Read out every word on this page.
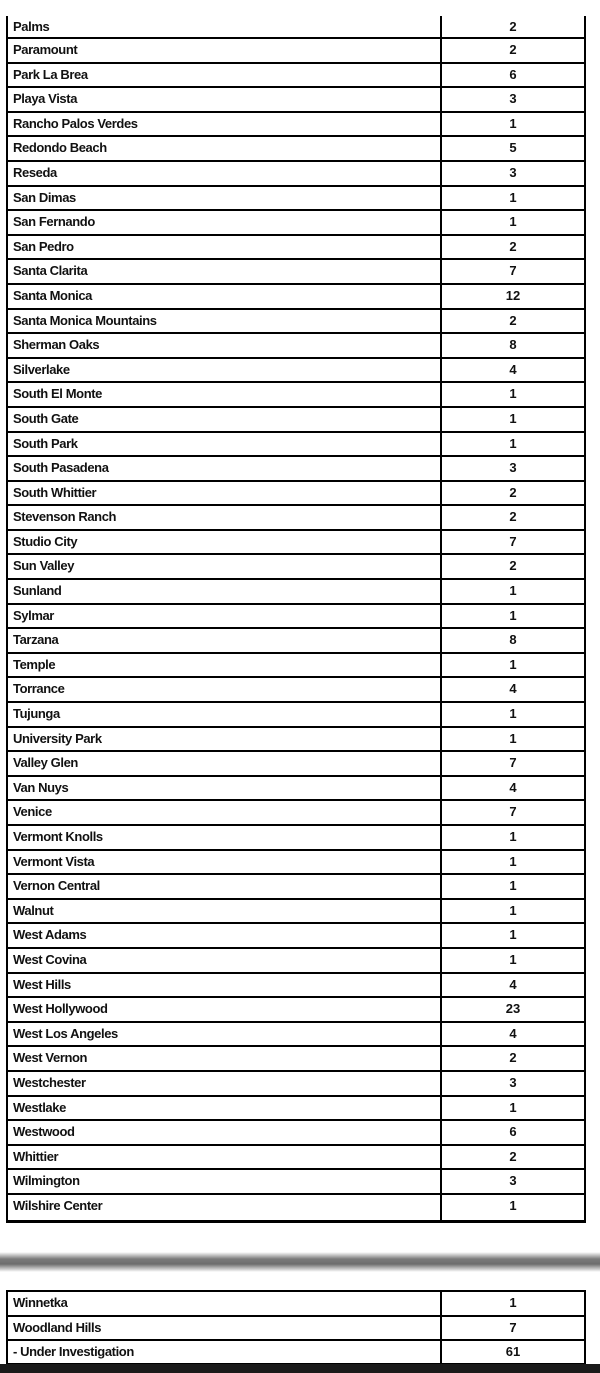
Palms	2
Paramount	2
Park La Brea	6
Playa Vista	3
Rancho Palos Verdes	1
Redondo Beach	5
Reseda	3
San Dimas	1
San Fernando	1
San Pedro	2
Santa Clarita	7
Santa Monica	12
Santa Monica Mountains	2
Sherman Oaks	8
Silverlake	4
South El Monte	1
South Gate	1
South Park	1
South Pasadena	3
South Whittier	2
Stevenson Ranch	2
Studio City	7
Sun Valley	2
Sunland	1
Sylmar	1
Tarzana	8
Temple	1
Torrance	4
Tujunga	1
University Park	1
Valley Glen	7
Van Nuys	4
Venice	7
Vermont Knolls	1
Vermont Vista	1
Vernon Central	1
Walnut	1
West Adams	1
West Covina	1
West Hills	4
West Hollywood	23
West Los Angeles	4
West Vernon	2
Westchester	3
Westlake	1
Westwood	6
Whittier	2
Wilmington	3
Wilshire Center	1
Winnetka	1
Woodland Hills	7
- Under Investigation	61
